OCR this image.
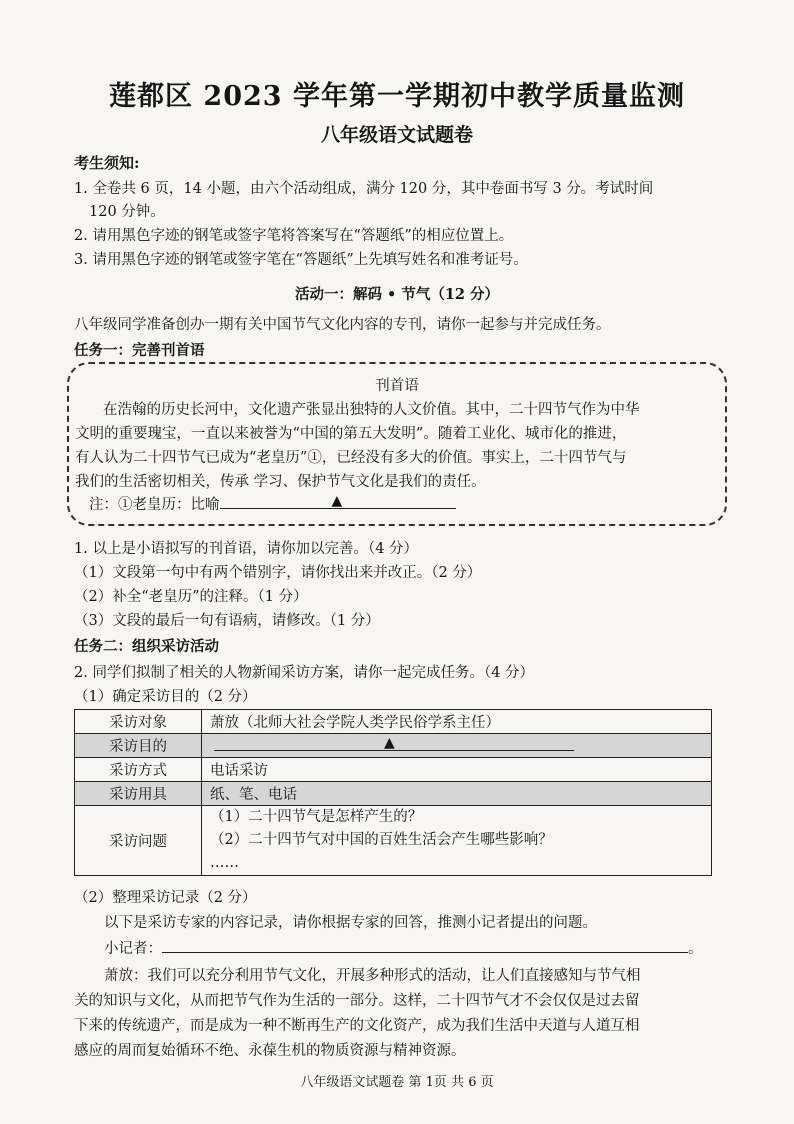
莲都区 2023 学年第一学期初中教学质量监测
八年级语文试题卷
考生须知:
1. 全卷共 6 页，14 小题，由六个活动组成，满分 120 分，其中卷面书写 3 分。考试时间
120 分钟。
2. 请用黑色字迹的钢笔或签字笔将答案写在“答题纸”的相应位置上。
3. 请用黑色字迹的钢笔或签字笔在“答题纸”上先填写姓名和准考证号。
活动一：解码 • 节气（12 分）
八年级同学准备创办一期有关中国节气文化内容的专刊，请你一起参与并完成任务。
任务一：完善刊首语
刊首语
在浩翰的历史长河中，文化遗产张显出独特的人文价值。其中，二十四节气作为中华
文明的重要瑰宝，一直以来被誉为“中国的第五大发明”。随着工业化、城市化的推进，
有人认为二十四节气已成为“老皇历”①，已经没有多大的价值。事实上，二十四节气与
我们的生活密切相关，传承 学习、保护节气文化是我们的责任。
注：①老皇历：比喻	▲
1. 以上是小语拟写的刊首语，请你加以完善。（4 分）
（1）文段第一句中有两个错别字，请你找出来并改正。（2 分）
（2）补全“老皇历”的注释。（1 分）
（3）文段的最后一句有语病，请修改。（1 分）
任务二：组织采访活动
2. 同学们拟制了相关的人物新闻采访方案，请你一起完成任务。（4 分）
（1）确定采访目的（2 分）
采访对象	萧放（北师大社会学院人类学民俗学系主任）
采访目的	▲

采访方式	电话采访
采访用具	纸、笔、电话
采访问题	（1）二十四节气是怎样产生的？
（2）二十四节气对中国的百姓生活会产生哪些影响？
……
（2）整理采访记录（2 分）
以下是采访专家的内容记录，请你根据专家的回答，推测小记者提出的问题。
小记者：	。
萧放：我们可以充分利用节气文化，开展多种形式的活动，让人们直接感知与节气相
关的知识与文化，从而把节气作为生活的一部分。这样，二十四节气才不会仅仅是过去留
下来的传统遗产，而是成为一种不断再生产的文化资产，成为我们生活中天道与人道互相
感应的周而复始循环不绝、永葆生机的物质资源与精神资源。
八年级语文试题卷 第 1页 共 6 页
